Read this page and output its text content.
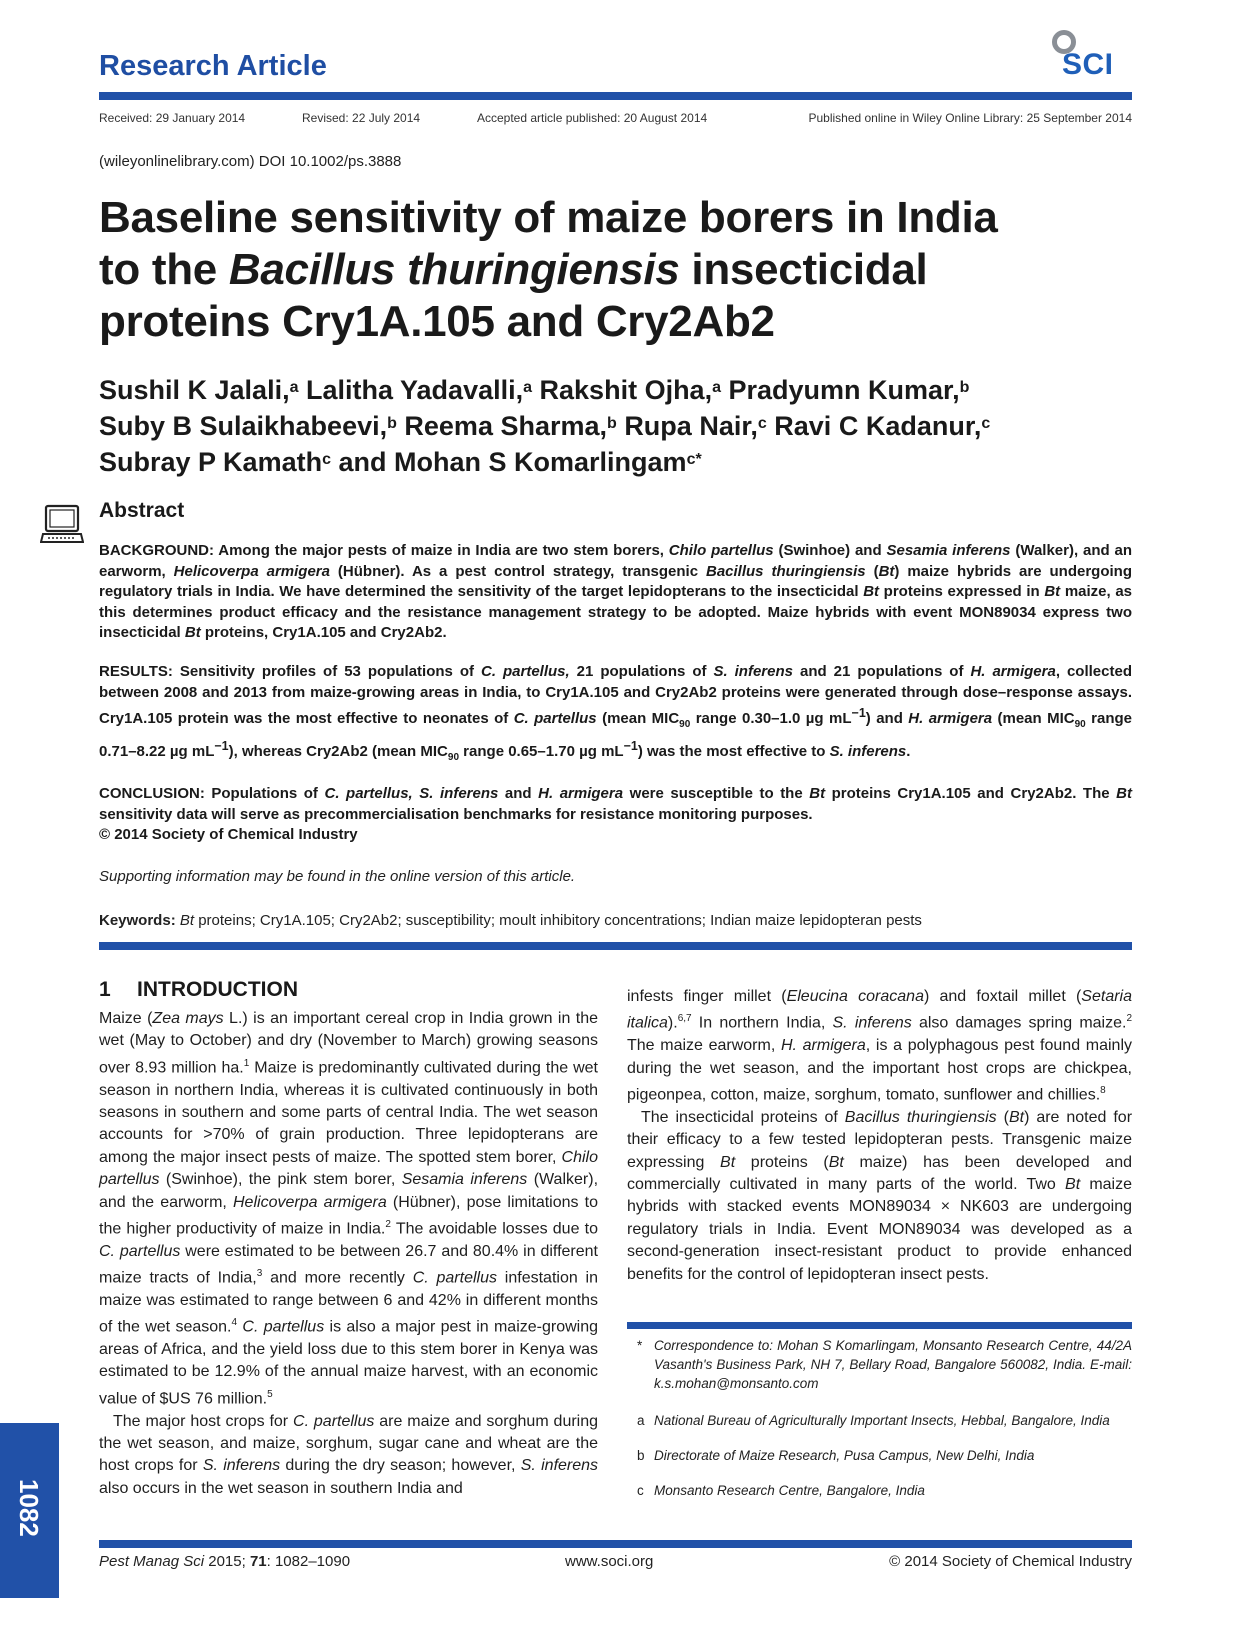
Research Article	SCI
Received: 29 January 2014	Revised: 22 July 2014	Accepted article published: 20 August 2014	Published online in Wiley Online Library: 25 September 2014
(wileyonlinelibrary.com) DOI 10.1002/ps.3888
Baseline sensitivity of maize borers in India
to the Bacillus thuringiensis insecticidal
proteins Cry1A.105 and Cry2Ab2
Sushil K Jalali,$^a$ Lalitha Yadavalli,$^a$ Rakshit Ojha,$^a$ Pradyumn Kumar,$^b$
Suby B Sulaikhabeevi,$^b$ Reema Sharma,$^b$ Rupa Nair,$^c$ Ravi C Kadanur,$^c$
Subray P Kamath$^c$ and Mohan S Komarlingam$^{c*}$
Abstract
BACKGROUND: Among the major pests of maize in India are two stem borers, Chilo partellus (Swinhoe) and Sesamia inferens (Walker), and an earworm, Helicoverpa armigera (Hübner). As a pest control strategy, transgenic Bacillus thuringiensis (Bt) maize hybrids are undergoing regulatory trials in India. We have determined the sensitivity of the target lepidopterans to the insecticidal Bt proteins expressed in Bt maize, as this determines product efficacy and the resistance management strategy to be adopted. Maize hybrids with event MON89034 express two insecticidal Bt proteins, Cry1A.105 and Cry2Ab2.
RESULTS: Sensitivity profiles of 53 populations of C. partellus, 21 populations of S. inferens and 21 populations of H. armigera, collected between 2008 and 2013 from maize-growing areas in India, to Cry1A.105 and Cry2Ab2 proteins were generated through dose–response assays. Cry1A.105 protein was the most effective to neonates of C. partellus (mean $MIC_{90}$ range 0.30–1.0 µg $mL^{-1}$) and H. armigera (mean $MIC_{90}$ range 0.71–8.22 µg $mL^{-1}$), whereas Cry2Ab2 (mean $MIC_{90}$ range 0.65–1.70 µg $mL^{-1}$) was the most effective to S. inferens.
CONCLUSION: Populations of C. partellus, S. inferens and H. armigera were susceptible to the Bt proteins Cry1A.105 and Cry2Ab2. The Bt sensitivity data will serve as precommercialisation benchmarks for resistance monitoring purposes.
© 2014 Society of Chemical Industry
Supporting information may be found in the online version of this article.
Keywords: Bt proteins; Cry1A.105; Cry2Ab2; susceptibility; moult inhibitory concentrations; Indian maize lepidopteran pests
1 INTRODUCTION

Maize (Zea mays L.) is an important cereal crop in India grown in the wet (May to October) and dry (November to March) growing seasons over 8.93 million ha.$^1$ Maize is predominantly cultivated during the wet season in northern India, whereas it is cultivated continuously in both seasons in southern and some parts of central India. The wet season accounts for >70% of grain production. Three lepidopterans are among the major insect pests of maize. The spotted stem borer, Chilo partellus (Swinhoe), the pink stem borer, Sesamia inferens (Walker), and the earworm, Helicoverpa armigera (Hübner), pose limitations to the higher productivity of maize in India.$^2$ The avoidable losses due to C. partellus were estimated to be between 26.7 and 80.4% in different maize tracts of India,$^3$ and more recently C. partellus infestation in maize was estimated to range between 6 and 42% in different months of the wet season.$^4$ C. partellus is also a major pest in maize-growing areas of Africa, and the yield loss due to this stem borer in Kenya was estimated to be 12.9% of the annual maize harvest, with an economic value of $US 76 million.$^5$

The major host crops for C. partellus are maize and sorghum during the wet season, and maize, sorghum, sugar cane and wheat are the host crops for S. inferens during the dry season; however, S. inferens also occurs in the wet season in southern India and

infests finger millet (Eleucina coracana) and foxtail millet (Setaria italica).$^{6,7}$ In northern India, S. inferens also damages spring maize.$^2$ The maize earworm, H. armigera, is a polyphagous pest found mainly during the wet season, and the important host crops are chickpea, pigeonpea, cotton, maize, sorghum, tomato, sunflower and chillies.$^8$

The insecticidal proteins of Bacillus thuringiensis (Bt) are noted for their efficacy to a few tested lepidopteran pests. Transgenic maize expressing Bt proteins (Bt maize) has been developed and commercially cultivated in many parts of the world. Two Bt maize hybrids with stacked events MON89034 × NK603 are undergoing regulatory trials in India. Event MON89034 was developed as a second-generation insect-resistant product to provide enhanced benefits for the control of lepidopteran insect pests.

* Correspondence to: Mohan S Komarlingam, Monsanto Research Centre, 44/2A Vasanth's Business Park, NH 7, Bellary Road, Bangalore 560082, India. E-mail: k.s.mohan@monsanto.com
a National Bureau of Agriculturally Important Insects, Hebbal, Bangalore, India
b Directorate of Maize Research, Pusa Campus, New Delhi, India
c Monsanto Research Centre, Bangalore, India
1082
Pest Manag Sci 2015; 71: 1082–1090	www.soci.org	© 2014 Society of Chemical Industry
